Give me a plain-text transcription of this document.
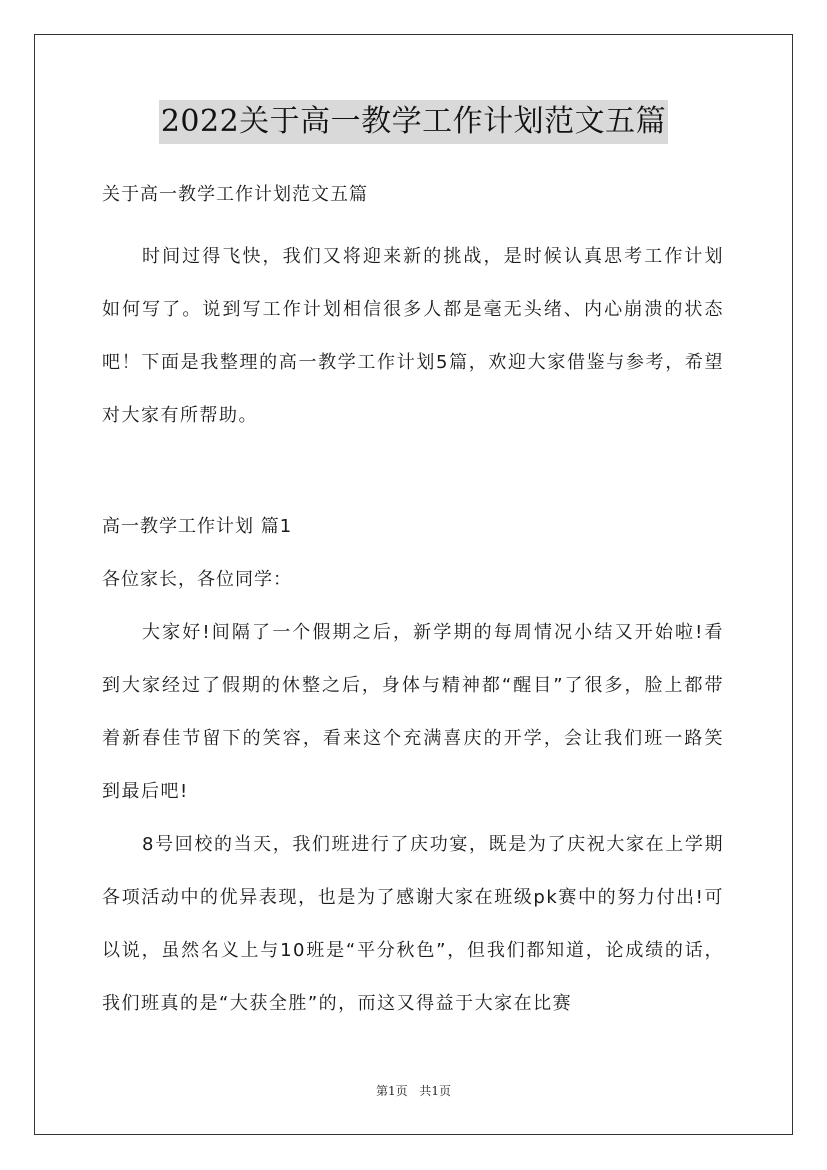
2022关于高一教学工作计划范文五篇

关于高一教学工作计划范文五篇

时间过得飞快，我们又将迎来新的挑战，是时候认真思考工作计划如何写了。说到写工作计划相信很多人都是毫无头绪、内心崩溃的状态吧！下面是我整理的高一教学工作计划5篇，欢迎大家借鉴与参考，希望对大家有所帮助。

高一教学工作计划 篇1

各位家长，各位同学：

大家好!间隔了一个假期之后，新学期的每周情况小结又开始啦!看到大家经过了假期的休整之后，身体与精神都“醒目”了很多，脸上都带着新春佳节留下的笑容，看来这个充满喜庆的开学，会让我们班一路笑到最后吧!

8号回校的当天，我们班进行了庆功宴，既是为了庆祝大家在上学期各项活动中的优异表现，也是为了感谢大家在班级pk赛中的努力付出!可以说，虽然名义上与10班是“平分秋色”，但我们都知道，论成绩的话，我们班真的是“大获全胜”的，而这又得益于大家在比赛

第1页 共1页
